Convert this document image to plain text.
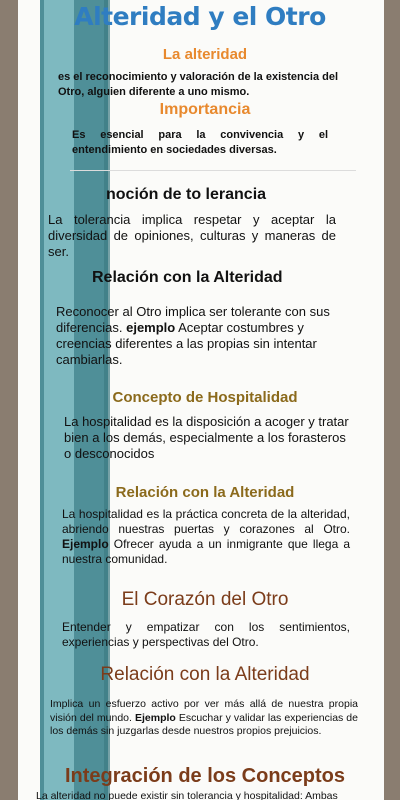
Alteridad y el Otro
La alteridad
es el reconocimiento y valoración de la existencia del Otro, alguien diferente a uno mismo.
Importancia
Es esencial para la convivencia y el entendimiento en sociedades diversas.
noción de to lerancia
La tolerancia implica respetar y aceptar la diversidad de opiniones, culturas y maneras de ser.
Relación con la Alteridad
Reconocer al Otro implica ser tolerante con sus diferencias. ejemplo Aceptar costumbres y creencias diferentes a las propias sin intentar cambiarlas.
Concepto de Hospitalidad
La hospitalidad es la disposición a acoger y tratar bien a los demás, especialmente a los forasteros o desconocidos
Relación con la Alteridad
La hospitalidad es la práctica concreta de la alteridad, abriendo nuestras puertas y corazones al Otro. Ejemplo Ofrecer ayuda a un inmigrante que llega a nuestra comunidad.
El Corazón del Otro
Entender y empatizar con los sentimientos, experiencias y perspectivas del Otro.
Relación con la Alteridad
Implica un esfuerzo activo por ver más allá de nuestra propia visión del mundo. Ejemplo Escuchar y validar las experiencias de los demás sin juzgarlas desde nuestros propios prejuicios.
Integración de los Conceptos
La alteridad no puede existir sin tolerancia y hospitalidad: Ambas
